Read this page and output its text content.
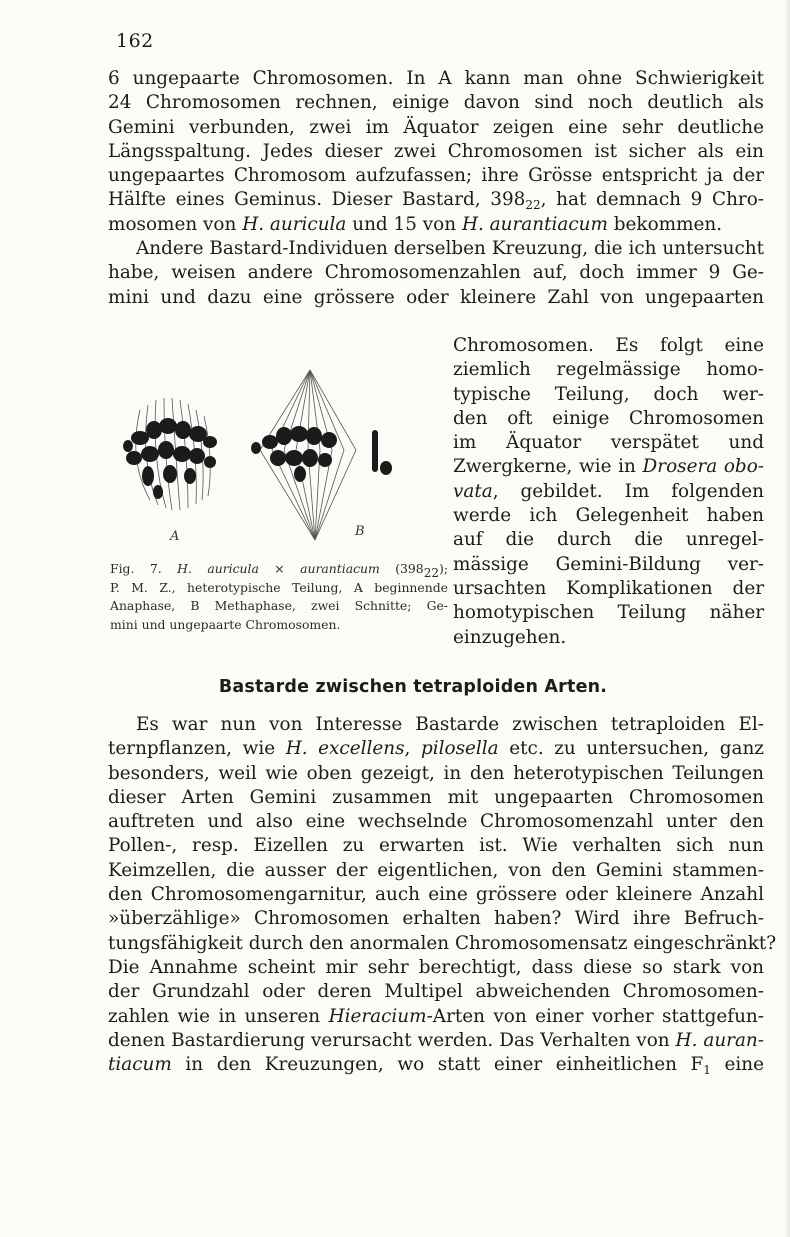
162
6 ungepaarte Chromosomen. In A kann man ohne Schwierigkeit
24 Chromosomen rechnen, einige davon sind noch deutlich als
Gemini verbunden, zwei im Äquator zeigen eine sehr deutliche
Längsspaltung. Jedes dieser zwei Chromosomen ist sicher als ein
ungepaartes Chromosom aufzufassen; ihre Grösse entspricht ja der
Hälfte eines Geminus. Dieser Bastard, $398_{22}$, hat demnach 9 Chro-
mosomen von H. auricula und 15 von H. aurantiacum bekommen.
Andere Bastard-Individuen derselben Kreuzung, die ich untersucht
habe, weisen andere Chromosomenzahlen auf, doch immer 9 Ge-
mini und dazu eine grössere oder kleinere Zahl von ungepaarten
Chromosomen. Es folgt eine
ziemlich regelmässige homo-
typische Teilung, doch wer-
den oft einige Chromosomen
im Äquator verspätet und
Zwergkerne, wie in Drosera obo-
vata, gebildet. Im folgenden
werde ich Gelegenheit haben
auf die durch die unregel-
mässige Gemini-Bildung ver-
ursachten Komplikationen der
homotypischen Teilung näher
einzugehen.
A	B
Fig. 7. H. auricula × aurantiacum $(398_{22})$;
P. M. Z., heterotypische Teilung, A beginnende
Anaphase, B Methaphase, zwei Schnitte; Ge-
mini und ungepaarte Chromosomen.
Bastarde zwischen tetraploiden Arten.
Es war nun von Interesse Bastarde zwischen tetraploiden El-
ternpflanzen, wie H. excellens, pilosella etc. zu untersuchen, ganz
besonders, weil wie oben gezeigt, in den heterotypischen Teilungen
dieser Arten Gemini zusammen mit ungepaarten Chromosomen
auftreten und also eine wechselnde Chromosomenzahl unter den
Pollen-, resp. Eizellen zu erwarten ist. Wie verhalten sich nun
Keimzellen, die ausser der eigentlichen, von den Gemini stammen-
den Chromosomengarnitur, auch eine grössere oder kleinere Anzahl
»überzählige» Chromosomen erhalten haben? Wird ihre Befruch-
tungsfähigkeit durch den anormalen Chromosomensatz eingeschränkt?
Die Annahme scheint mir sehr berechtigt, dass diese so stark von
der Grundzahl oder deren Multipel abweichenden Chromosomen-
zahlen wie in unseren Hieracium-Arten von einer vorher stattgefun-
denen Bastardierung verursacht werden. Das Verhalten von H. auran-
tiacum in den Kreuzungen, wo statt einer einheitlichen $F_1$ eine
